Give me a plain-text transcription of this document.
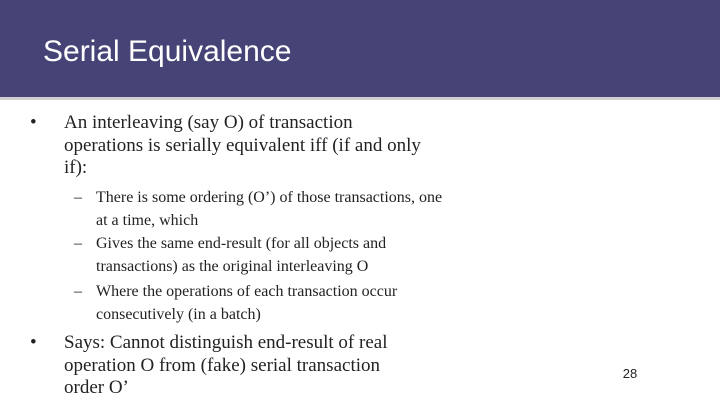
Serial Equivalence
•	An interleaving (say O) of transaction operations is serially equivalent iff (if and only if):
– There is some ordering (O’) of those transactions, one at a time, which
– Gives the same end-result (for all objects and transactions) as the original interleaving O
– Where the operations of each transaction occur consecutively (in a batch)
•	Says: Cannot distinguish end-result of real operation O from (fake) serial transaction order O’
28
